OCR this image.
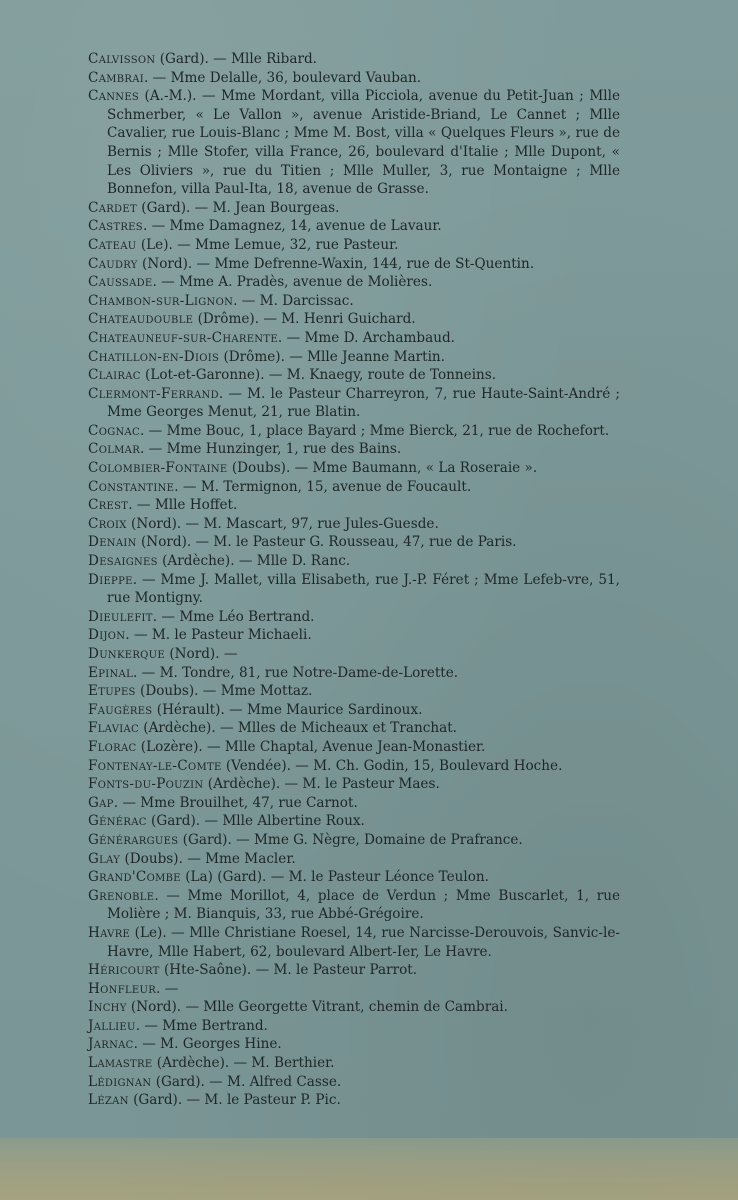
Calvisson (Gard). — Mlle Ribard.

Cambrai. — Mme Delalle, 36, boulevard Vauban.

Cannes (A.-M.). — Mme Mordant, villa Picciola, avenue du Petit-Juan ; Mlle Schmerber, « Le Vallon », avenue Aristide-Briand, Le Cannet ; Mlle Cavalier, rue Louis-Blanc ; Mme M. Bost, villa « Quelques Fleurs », rue de Bernis ; Mlle Stofer, villa France, 26, boulevard d'Italie ; Mlle Dupont, « Les Oliviers », rue du Titien ; Mlle Muller, 3, rue Montaigne ; Mlle Bonnefon, villa Paul-Ita, 18, avenue de Grasse.

Cardet (Gard). — M. Jean Bourgeas.

Castres. — Mme Damagnez, 14, avenue de Lavaur.

Cateau (Le). — Mme Lemue, 32, rue Pasteur.

Caudry (Nord). — Mme Defrenne-Waxin, 144, rue de St-Quentin.

Caussade. — Mme A. Pradès, avenue de Molières.

Chambon-sur-Lignon. — M. Darcissac.

Chateaudouble (Drôme). — M. Henri Guichard.

Chateauneuf-sur-Charente. — Mme D. Archambaud.

Chatillon-en-Diois (Drôme). — Mlle Jeanne Martin.

Clairac (Lot-et-Garonne). — M. Knaegy, route de Tonneins.

Clermont-Ferrand. — M. le Pasteur Charreyron, 7, rue Haute-Saint-André ; Mme Georges Menut, 21, rue Blatin.

Cognac. — Mme Bouc, 1, place Bayard ; Mme Bierck, 21, rue de Rochefort.

Colmar. — Mme Hunzinger, 1, rue des Bains.

Colombier-Fontaine (Doubs). — Mme Baumann, « La Roseraie ».

Constantine. — M. Termignon, 15, avenue de Foucault.

Crest. — Mlle Hoffet.

Croix (Nord). — M. Mascart, 97, rue Jules-Guesde.

Denain (Nord). — M. le Pasteur G. Rousseau, 47, rue de Paris.

Desaignes (Ardèche). — Mlle D. Ranc.

Dieppe. — Mme J. Mallet, villa Elisabeth, rue J.-P. Féret ; Mme Lefeb-vre, 51, rue Montigny.

Dieulefit. — Mme Léo Bertrand.

Dijon. — M. le Pasteur Michaeli.

Dunkerque (Nord). —

Epinal. — M. Tondre, 81, rue Notre-Dame-de-Lorette.

Etupes (Doubs). — Mme Mottaz.

Faugères (Hérault). — Mme Maurice Sardinoux.

Flaviac (Ardèche). — Mlles de Micheaux et Tranchat.

Florac (Lozère). — Mlle Chaptal, Avenue Jean-Monastier.

Fontenay-le-Comte (Vendée). — M. Ch. Godin, 15, Boulevard Hoche.

Fonts-du-Pouzin (Ardèche). — M. le Pasteur Maes.

Gap. — Mme Brouilhet, 47, rue Carnot.

Générac (Gard). — Mlle Albertine Roux.

Générargues (Gard). — Mme G. Nègre, Domaine de Prafrance.

Glay (Doubs). — Mme Macler.

Grand'Combe (La) (Gard). — M. le Pasteur Léonce Teulon.

Grenoble. — Mme Morillot, 4, place de Verdun ; Mme Buscarlet, 1, rue Molière ; M. Bianquis, 33, rue Abbé-Grégoire.

Havre (Le). — Mlle Christiane Roesel, 14, rue Narcisse-Derouvois, Sanvic-le-Havre, Mlle Habert, 62, boulevard Albert-Ier, Le Havre.

Héricourt (Hte-Saône). — M. le Pasteur Parrot.

Honfleur. —

Inchy (Nord). — Mlle Georgette Vitrant, chemin de Cambrai.

Jallieu. — Mme Bertrand.

Jarnac. — M. Georges Hine.

Lamastre (Ardèche). — M. Berthier.

Lédignan (Gard). — M. Alfred Casse.

Lézan (Gard). — M. le Pasteur P. Pic.
